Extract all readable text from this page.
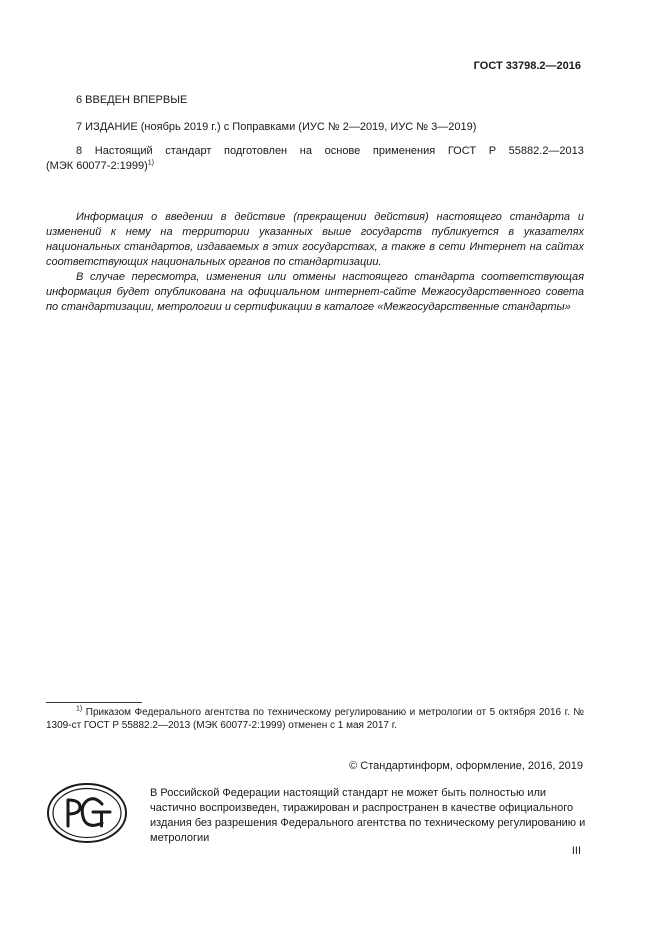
ГОСТ 33798.2—2016
6 ВВЕДЕН ВПЕРВЫЕ
7 ИЗДАНИЕ (ноябрь 2019 г.) с Поправками (ИУС № 2—2019, ИУС № 3—2019)
8 Настоящий стандарт подготовлен на основе применения ГОСТ Р 55882.2—2013
(МЭК 60077-2:1999)$^{1)}$

Информация о введении в действие (прекращении действия) настоящего стандарта и изменений к нему на территории указанных выше государств публикуется в указателях национальных стандартов, издаваемых в этих государствах, а также в сети Интернет на сайтах соответствующих национальных органов по стандартизации.

В случае пересмотра, изменения или отмены настоящего стандарта соответствующая информация будет опубликована на официальном интернет-сайте Межгосударственного совета по стандартизации, метрологии и сертификации в каталоге «Межгосударственные стандарты»

$^{1)}$ Приказом Федерального агентства по техническому регулированию и метрологии от 5 октября 2016 г. № 1309-ст ГОСТ Р 55882.2—2013 (МЭК 60077-2:1999) отменен с 1 мая 2017 г.
© Стандартинформ, оформление, 2016, 2019
В Российской Федерации настоящий стандарт не может быть полностью или частично воспроизведен, тиражирован и распространен в качестве официального издания без разрешения Федерального агентства по техническому регулированию и метрологии
III
